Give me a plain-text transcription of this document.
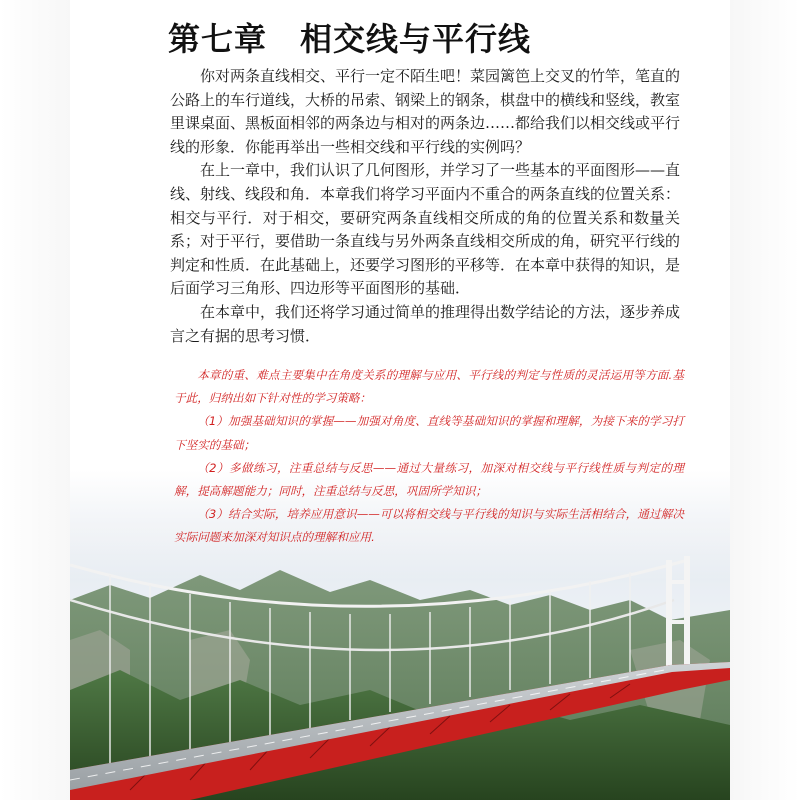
第七章　相交线与平行线

你对两条直线相交、平行一定不陌生吧！菜园篱笆上交叉的竹竿，笔直的公路上的车行道线，大桥的吊索、钢梁上的钢条，棋盘中的横线和竖线，教室里课桌面、黑板面相邻的两条边与相对的两条边……都给我们以相交线或平行线的形象．你能再举出一些相交线和平行线的实例吗？

在上一章中，我们认识了几何图形，并学习了一些基本的平面图形——直线、射线、线段和角．本章我们将学习平面内不重合的两条直线的位置关系：相交与平行．对于相交，要研究两条直线相交所成的角的位置关系和数量关系；对于平行，要借助一条直线与另外两条直线相交所成的角，研究平行线的判定和性质．在此基础上，还要学习图形的平移等．在本章中获得的知识，是后面学习三角形、四边形等平面图形的基础．

在本章中，我们还将学习通过简单的推理得出数学结论的方法，逐步养成言之有据的思考习惯．

本章的重、难点主要集中在角度关系的理解与应用、平行线的判定与性质的灵活运用等方面.基于此，归纳出如下针对性的学习策略：

（1）加强基础知识的掌握——加强对角度、直线等基础知识的掌握和理解，为接下来的学习打下坚实的基础；

（2）多做练习，注重总结与反思——通过大量练习，加深对相交线与平行线性质与判定的理解，提高解题能力；同时，注重总结与反思，巩固所学知识；

（3）结合实际，培养应用意识——可以将相交线与平行线的知识与实际生活相结合，通过解决实际问题来加深对知识点的理解和应用.
